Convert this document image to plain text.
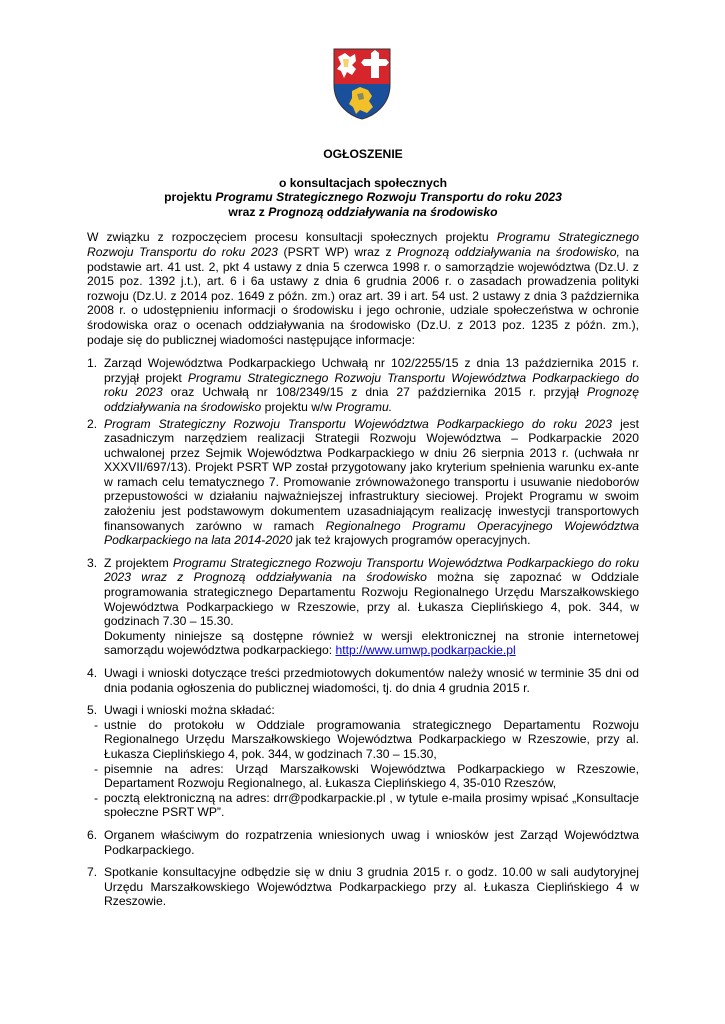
OGŁOSZENIE
o konsultacjach społecznych
projektu Programu Strategicznego Rozwoju Transportu do roku 2023
wraz z Prognozą oddziaływania na środowisko
W związku z rozpoczęciem procesu konsultacji społecznych projektu Programu Strategicznego Rozwoju Transportu do roku 2023 (PSRT WP) wraz z Prognozą oddziaływania na środowisko, na podstawie art. 41 ust. 2, pkt 4 ustawy z dnia 5 czerwca 1998 r. o samorządzie województwa (Dz.U. z 2015 poz. 1392 j.t.), art. 6 i 6a ustawy z dnia 6 grudnia 2006 r. o zasadach prowadzenia polityki rozwoju (Dz.U. z 2014 poz. 1649 z późn. zm.) oraz art. 39 i art. 54 ust. 2 ustawy z dnia 3 października 2008 r. o udostępnieniu informacji o środowisku i jego ochronie, udziale społeczeństwa w ochronie środowiska oraz o ocenach oddziaływania na środowisko (Dz.U. z 2013 poz. 1235 z późn. zm.), podaje się do publicznej wiadomości następujące informacje:
1. Zarząd Województwa Podkarpackiego Uchwałą nr 102/2255/15 z dnia 13 października 2015 r. przyjął projekt Programu Strategicznego Rozwoju Transportu Województwa Podkarpackiego do roku 2023 oraz Uchwałą nr 108/2349/15 z dnia 27 października 2015 r. przyjął Prognozę oddziaływania na środowisko projektu w/w Programu.
2. Program Strategiczny Rozwoju Transportu Województwa Podkarpackiego do roku 2023 jest zasadniczym narzędziem realizacji Strategii Rozwoju Województwa – Podkarpackie 2020 uchwalonej przez Sejmik Województwa Podkarpackiego w dniu 26 sierpnia 2013 r. (uchwała nr XXXVII/697/13). Projekt PSRT WP został przygotowany jako kryterium spełnienia warunku ex-ante w ramach celu tematycznego 7. Promowanie zrównoważonego transportu i usuwanie niedoborów przepustowości w działaniu najważniejszej infrastruktury sieciowej. Projekt Programu w swoim założeniu jest podstawowym dokumentem uzasadniającym realizację inwestycji transportowych finansowanych zarówno w ramach Regionalnego Programu Operacyjnego Województwa Podkarpackiego na lata 2014-2020 jak też krajowych programów operacyjnych.
3. Z projektem Programu Strategicznego Rozwoju Transportu Województwa Podkarpackiego do roku 2023 wraz z Prognozą oddziaływania na środowisko można się zapoznać w Oddziale programowania strategicznego Departamentu Rozwoju Regionalnego Urzędu Marszałkowskiego Województwa Podkarpackiego w Rzeszowie, przy al. Łukasza Cieplińskiego 4, pok. 344, w godzinach 7.30 – 15.30.
Dokumenty niniejsze są dostępne również w wersji elektronicznej na stronie internetowej samorządu województwa podkarpackiego: http://www.umwp.podkarpackie.pl
4. Uwagi i wnioski dotyczące treści przedmiotowych dokumentów należy wnosić w terminie 35 dni od dnia podania ogłoszenia do publicznej wiadomości, tj. do dnia 4 grudnia 2015 r.
5. Uwagi i wnioski można składać:
- ustnie do protokołu w Oddziale programowania strategicznego Departamentu Rozwoju Regionalnego Urzędu Marszałkowskiego Województwa Podkarpackiego w Rzeszowie, przy al. Łukasza Cieplińskiego 4, pok. 344, w godzinach 7.30 – 15.30,
- pisemnie na adres: Urząd Marszałkowski Województwa Podkarpackiego w Rzeszowie, Departament Rozwoju Regionalnego, al. Łukasza Cieplińskiego 4, 35-010 Rzeszów,
- pocztą elektroniczną na adres: drr@podkarpackie.pl , w tytule e-maila prosimy wpisać „Konsultacje społeczne PSRT WP”.
6. Organem właściwym do rozpatrzenia wniesionych uwag i wniosków jest Zarząd Województwa Podkarpackiego.
7. Spotkanie konsultacyjne odbędzie się w dniu 3 grudnia 2015 r. o godz. 10.00 w sali audytoryjnej Urzędu Marszałkowskiego Województwa Podkarpackiego przy al. Łukasza Cieplińskiego 4 w Rzeszowie.
